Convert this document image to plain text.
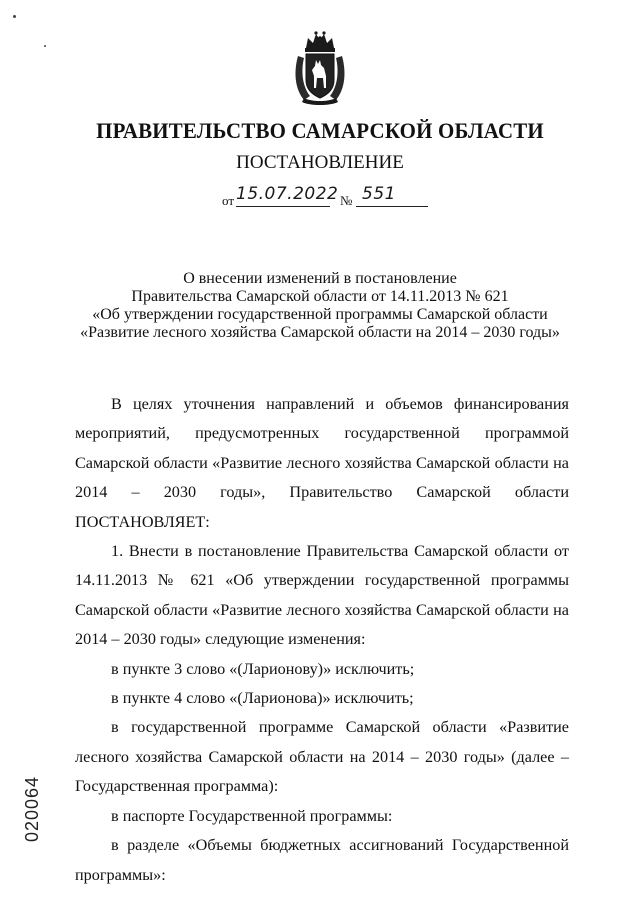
ПРАВИТЕЛЬСТВО САМАРСКОЙ ОБЛАСТИ
ПОСТАНОВЛЕНИЕ
от 15.07.2022 № 551
О внесении изменений в постановление
Правительства Самарской области от 14.11.2013 № 621
«Об утверждении государственной программы Самарской области
«Развитие лесного хозяйства Самарской области на 2014 – 2030 годы»

В целях уточнения направлений и объемов финансирования мероприятий, предусмотренных государственной программой Самарской области «Развитие лесного хозяйства Самарской области на 2014 – 2030 годы», Правительство Самарской области ПОСТАНОВЛЯЕТ:

1. Внести в постановление Правительства Самарской области от 14.11.2013 № 621 «Об утверждении государственной программы Самарской области «Развитие лесного хозяйства Самарской области на 2014 – 2030 годы» следующие изменения:

в пункте 3 слово «(Ларионову)» исключить;

в пункте 4 слово «(Ларионова)» исключить;

в государственной программе Самарской области «Развитие лесного хозяйства Самарской области на 2014 – 2030 годы» (далее – Государственная программа):

в паспорте Государственной программы:

в разделе «Объемы бюджетных ассигнований Государственной программы»:

020064
